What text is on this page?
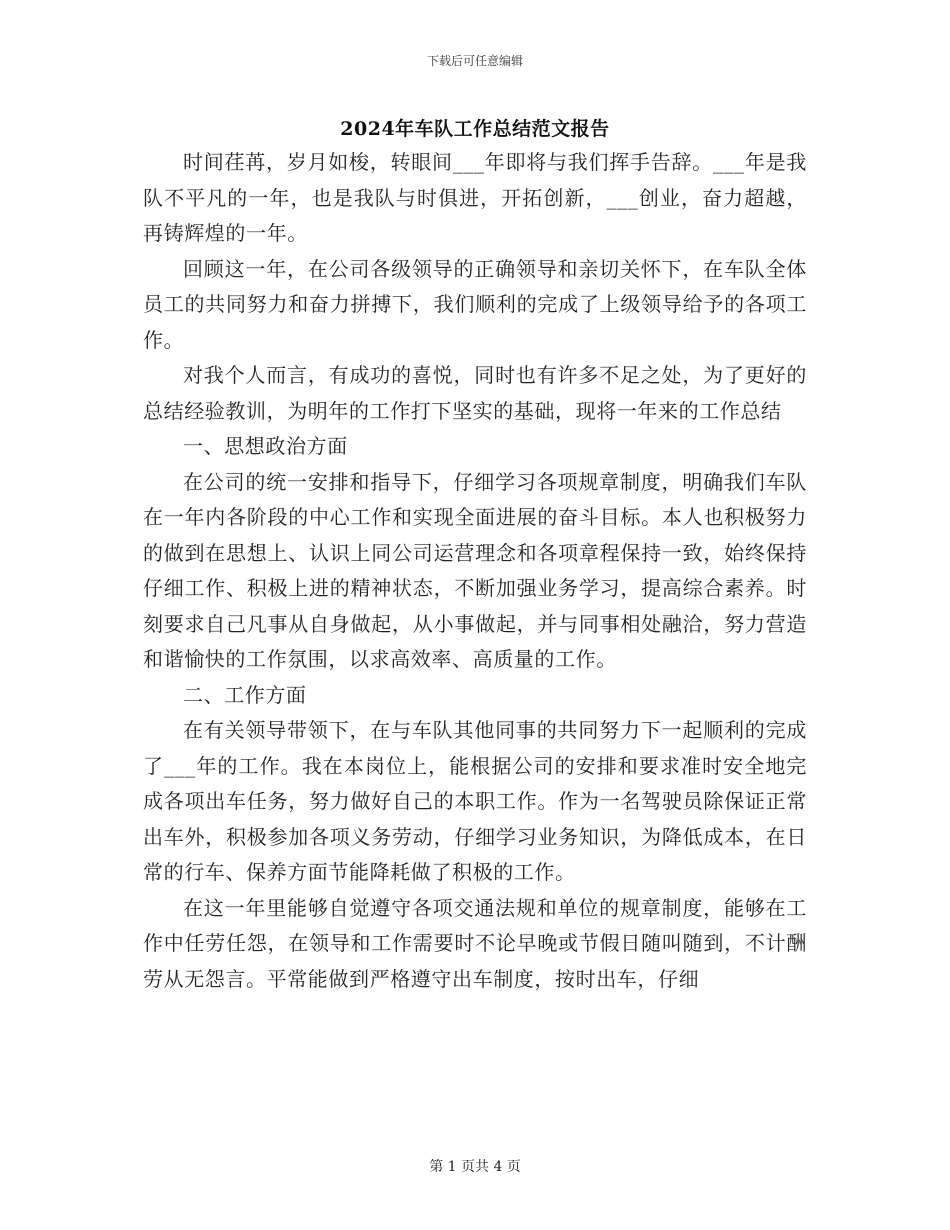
下载后可任意编辑
2024年车队工作总结范文报告

时间荏苒，岁月如梭，转眼间___年即将与我们挥手告辞。___年是我队不平凡的一年，也是我队与时俱进，开拓创新，___创业，奋力超越，再铸辉煌的一年。

回顾这一年，在公司各级领导的正确领导和亲切关怀下，在车队全体员工的共同努力和奋力拼搏下，我们顺利的完成了上级领导给予的各项工作。

对我个人而言，有成功的喜悦，同时也有许多不足之处，为了更好的总结经验教训，为明年的工作打下坚实的基础，现将一年来的工作总结

一、思想政治方面

在公司的统一安排和指导下，仔细学习各项规章制度，明确我们车队在一年内各阶段的中心工作和实现全面进展的奋斗目标。本人也积极努力的做到在思想上、认识上同公司运营理念和各项章程保持一致，始终保持仔细工作、积极上进的精神状态，不断加强业务学习，提高综合素养。时刻要求自己凡事从自身做起，从小事做起，并与同事相处融洽，努力营造和谐愉快的工作氛围，以求高效率、高质量的工作。

二、工作方面

在有关领导带领下，在与车队其他同事的共同努力下一起顺利的完成了___年的工作。我在本岗位上，能根据公司的安排和要求准时安全地完成各项出车任务，努力做好自己的本职工作。作为一名驾驶员除保证正常出车外，积极参加各项义务劳动，仔细学习业务知识，为降低成本，在日常的行车、保养方面节能降耗做了积极的工作。

在这一年里能够自觉遵守各项交通法规和单位的规章制度，能够在工作中任劳任怨，在领导和工作需要时不论早晚或节假日随叫随到，不计酬劳从无怨言。平常能做到严格遵守出车制度，按时出车，仔细

第 1 页共 4 页
